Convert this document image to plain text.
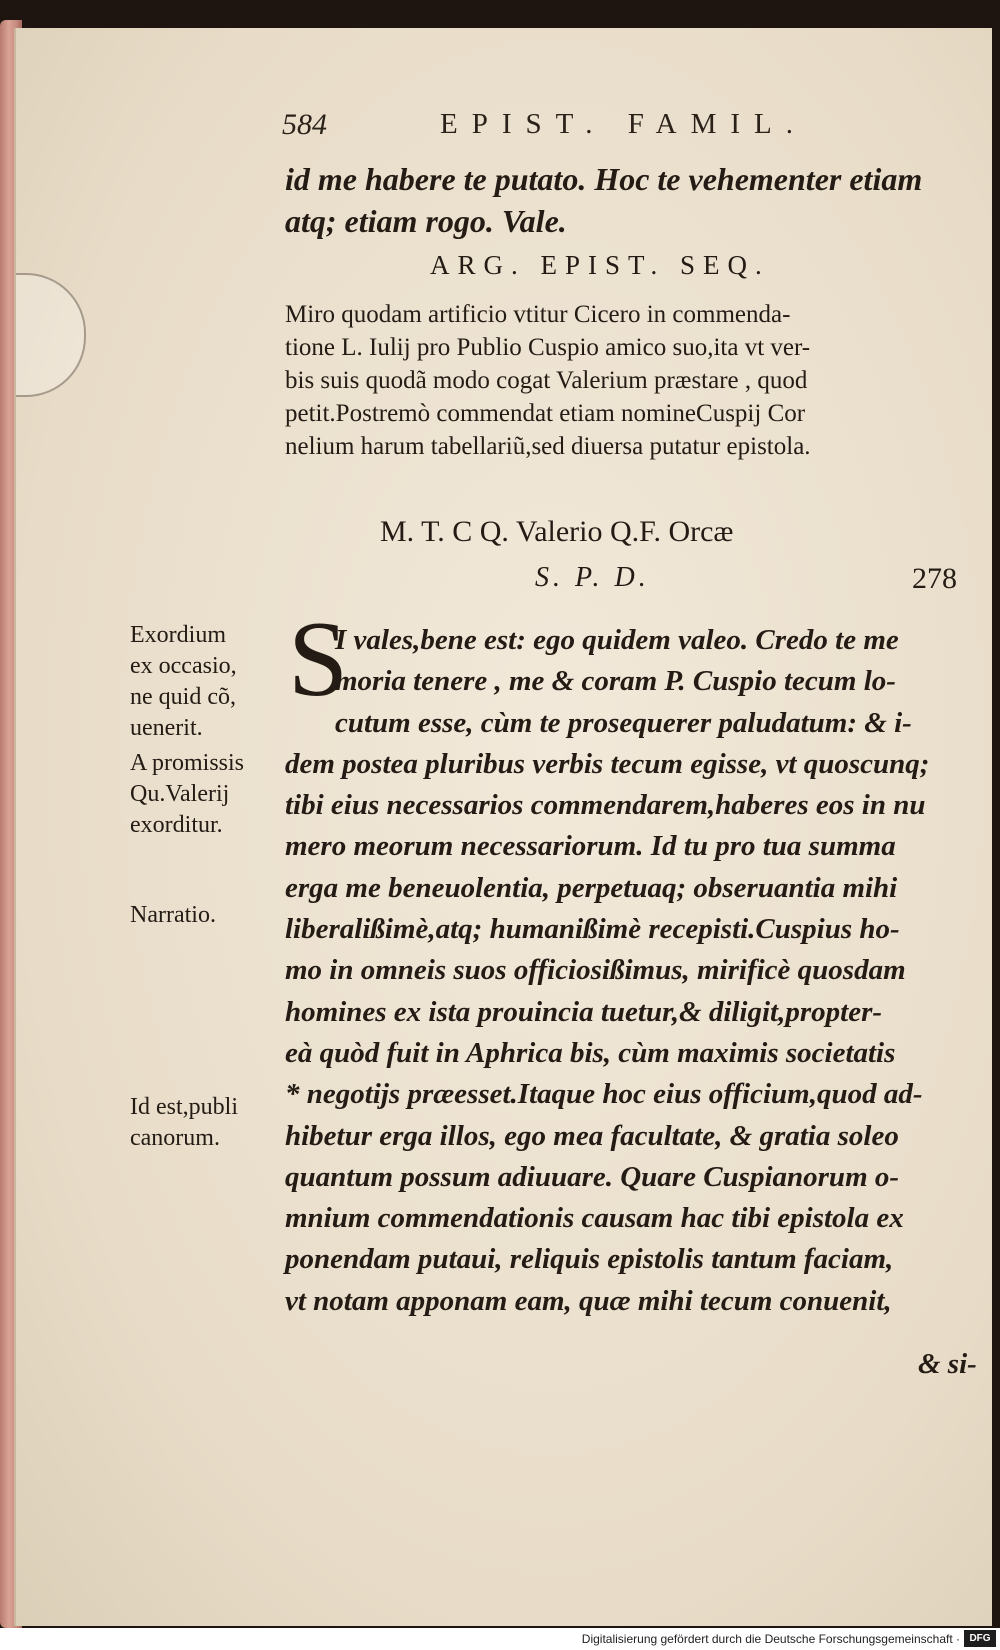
584	EPIST. FAMIL.
id me habere te putato. Hoc te vehementer etiam
atq; etiam rogo. Vale.
ARG. EPIST. SEQ.
Miro quodam artificio vtitur Cicero in commenda-
tione L. Iulij pro Publio Cuspio amico suo,ita vt ver-
bis suis quodã modo cogat Valerium præstare , quod
petit.Postremò commendat etiam nomineCuspij Cor
nelium harum tabellariũ,sed diuersa putatur epistola.
M. T. C Q. Valerio Q.F. Orcæ
S. P. D.	278
S
I vales,bene est: ego quidem valeo. Credo te me
moria tenere , me & coram P. Cuspio tecum lo-
cutum esse, cùm te prosequerer paludatum: & i-
dem postea pluribus verbis tecum egisse, vt quoscunq;
tibi eius necessarios commendarem,haberes eos in nu
mero meorum necessariorum. Id tu pro tua summa
erga me beneuolentia, perpetuaq; obseruantia mihi
liberalißimè,atq; humanißimè recepisti.Cuspius ho-
mo in omneis suos officiosißimus, mirificè quosdam
homines ex ista prouincia tuetur,& diligit,propter-
eà quòd fuit in Aphrica bis, cùm maximis societatis
* negotijs præesset.Itaque hoc eius officium,quod ad-
hibetur erga illos, ego mea facultate, & gratia soleo
quantum possum adiuuare. Quare Cuspianorum o-
mnium commendationis causam hac tibi epistola ex
ponendam putaui, reliquis epistolis tantum faciam,
vt notam apponam eam, quæ mihi tecum conuenit,
& si-
Exordium
ex occasio,
ne quid cõ,
uenerit.
A promissis
Qu.Valerij
exorditur.
Narratio.
Id est,publi
canorum.
Digitalisierung gefördert durch die Deutsche Forschungsgemeinschaft · DFG
